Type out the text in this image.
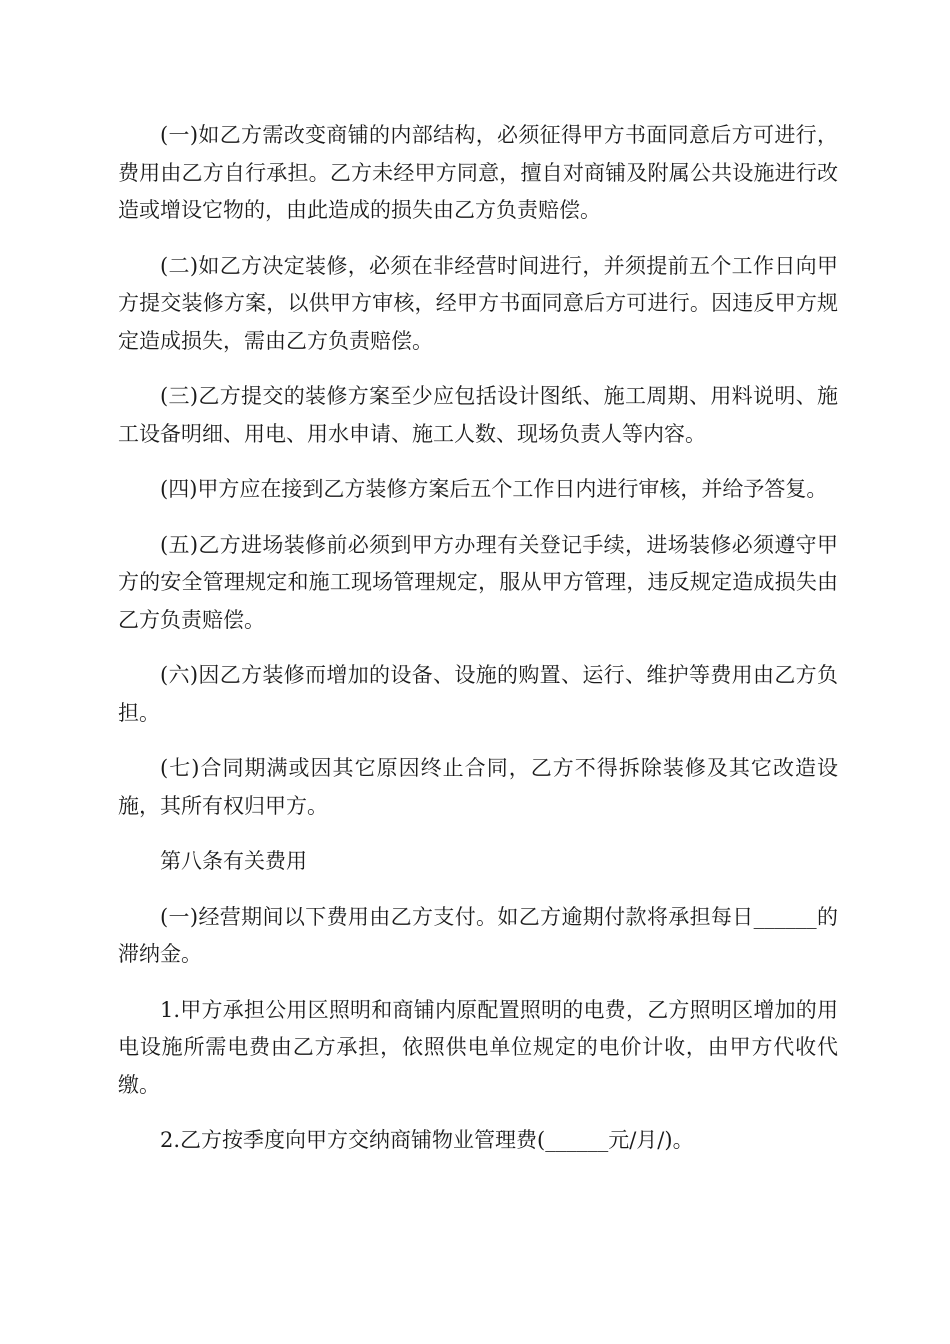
(一)如乙方需改变商铺的内部结构，必须征得甲方书面同意后方可进行，费用由乙方自行承担。乙方未经甲方同意，擅自对商铺及附属公共设施进行改造或增设它物的，由此造成的损失由乙方负责赔偿。

(二)如乙方决定装修，必须在非经营时间进行，并须提前五个工作日向甲方提交装修方案，以供甲方审核，经甲方书面同意后方可进行。因违反甲方规定造成损失，需由乙方负责赔偿。

(三)乙方提交的装修方案至少应包括设计图纸、施工周期、用料说明、施工设备明细、用电、用水申请、施工人数、现场负责人等内容。

(四)甲方应在接到乙方装修方案后五个工作日内进行审核，并给予答复。

(五)乙方进场装修前必须到甲方办理有关登记手续，进场装修必须遵守甲方的安全管理规定和施工现场管理规定，服从甲方管理，违反规定造成损失由乙方负责赔偿。

(六)因乙方装修而增加的设备、设施的购置、运行、维护等费用由乙方负担。

(七)合同期满或因其它原因终止合同，乙方不得拆除装修及其它改造设施，其所有权归甲方。

第八条有关费用

(一)经营期间以下费用由乙方支付。如乙方逾期付款将承担每日______的滞纳金。

1.甲方承担公用区照明和商铺内原配置照明的电费，乙方照明区增加的用电设施所需电费由乙方承担，依照供电单位规定的电价计收，由甲方代收代缴。

2.乙方按季度向甲方交纳商铺物业管理费(______元/月/)。
